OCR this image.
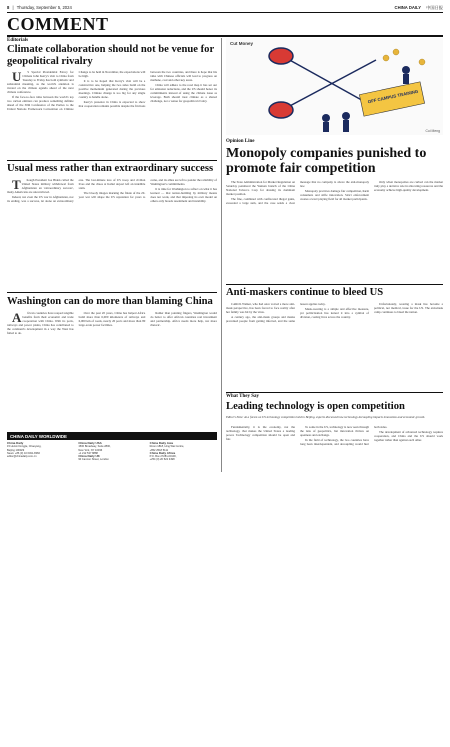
8 | Thursday, September 5, 2024	CHINA DAILY 中国日报
COMMENT
Editorials
Climate collaboration should not be venue for geopolitical rivalry

US Special Presidential Envoy for Climate John Kerry's visit to China from Tuesday to Friday has both symbolic and substantial meaning, as the world's attention is riveted on the climate agenda ahead of the next climate conference.

If the face-to-face talks between the world's top two carbon emitters can produce something definite ahead of the 30th Conference of the Parties to the United Nations Framework Convention on Climate Change to be held in November, the expectations will be high.

It is to be hoped that Kerry's visit will be a constructive one, helping the two sides build on the positive momentum generated during the previous meetings. Climate change is too big for any single country to handle alone.

Kerry's presence in China is expected to show that cooperation remains possible despite the frictions between the two countries, and there is hope that his talks with Chinese officials will lead to progress on methane, coal and other key areas.

China will adhere to the road map it has set out for emission reductions, and the US should honor its commitments instead of using the climate issue as leverage. Both should treat climate as a shared challenge, not a venue for geopolitical rivalry.

Usual mess rather than extraordinary success

Though President Joe Biden called the United States military withdrawal from Afghanistan an 'extraordinary success', many Americans are unconvinced.

Indeed, not even the US war in Afghanistan, nor its ending, was a success, let alone an extraordinary one. The last-minute loss of US troop and civilian lives and the chaos at Kabul airport left an indelible stain.

The bloody images marking the finale of the 20-year war will shape the US reputation for years to come, and its allies are left to ponder the reliability of Washington's commitments.

It is time for Washington to reflect on what it has learned — that nation-building by military means does not work, and that imposing its own model on others only breeds resentment and instability.

Washington can do more than blaming China

African countries have reaped tangible benefits from their economic and trade cooperation with China. With its ports, railways and power plants, China has contributed to the continent's development in a way the West has failed to do.

Over the past 20 years, China has helped Africa build more than 6,000 kilometers of railways and 6,000 km of roads, nearly 20 ports and more than 80 large-scale power facilities.

Rather than pointing fingers, Washington would do better to offer African countries real investment and partnership. Africa needs more help, not more rhetoric.

CHINA DAILY WORLDWIDE
China Daily
15 Huixin Dongjie, Chaoyang,
Beijing 100029
News: +86 (0) 10 6491-8366
editor@chinadaily.com.cn
China Daily USA
1500 Broadway, Suite 2800,
New York, NY 10036
+1 212 537 8888
China Daily UK
90 Cannon Street, London
China Daily Asia
Room 1818, Hing Wai Centre,
+852 2518 5111
China Daily Africa
P.O. Box 27281-00100,
+254 (0) 20 522 3498
Cut Money
OFF CAMPUS TRAINING
Cui Meng
Opinion Line
Monopoly companies punished to promote fair competition

The State Administration for Market Regulation on Saturday penalized the Yunnan branch of the China National Tobacco Corp for abusing its dominant market position.

The fine, combined with confiscated illegal gains, exceeded a large sum, and the case sends a clear message that no company is above the anti-monopoly law.

Monopoly practices damage fair competition, harm consumers and stifle innovation. Strict enforcement creates a level playing field for all market participants.

Only when monopolies are curbed can the market truly play a decisive role in allocating resources and the economy achieve high-quality development.

Anti-maskers continue to bleed US

CAROL Walker, who had once voiced a more anti-mask perspective, has been forced to face reality after her family was hit by the virus.

A century ago, the anti-mask groups and masks prevented people from getting infected, and the same lesson applies today.

Mask-wearing is a simple and effective measure, yet politicization has turned it into a symbol of division, costing lives across the country.

Unfortunately, wearing a mask has become a political, not medical, issue for the US. The anti-mask camp continues to bleed the nation.

What They Say
Leading technology is open competition
Editor's Note: At a forum on US technology competition held in Beijing, experts discussed how technology decoupling impacts innovation and economic growth.

Fundamentally, it is the economy, not the technology, that makes the United States a leading power. Technology competition should be open and fair.

To some in the US, technology is now seen through the lens of geopolitics, but innovation thrives on openness and exchange.

In the field of technology, the two countries have long been interdependent, and decoupling would hurt both sides.

The development of advanced technology requires cooperation, and China and the US should work together rather than against each other.
